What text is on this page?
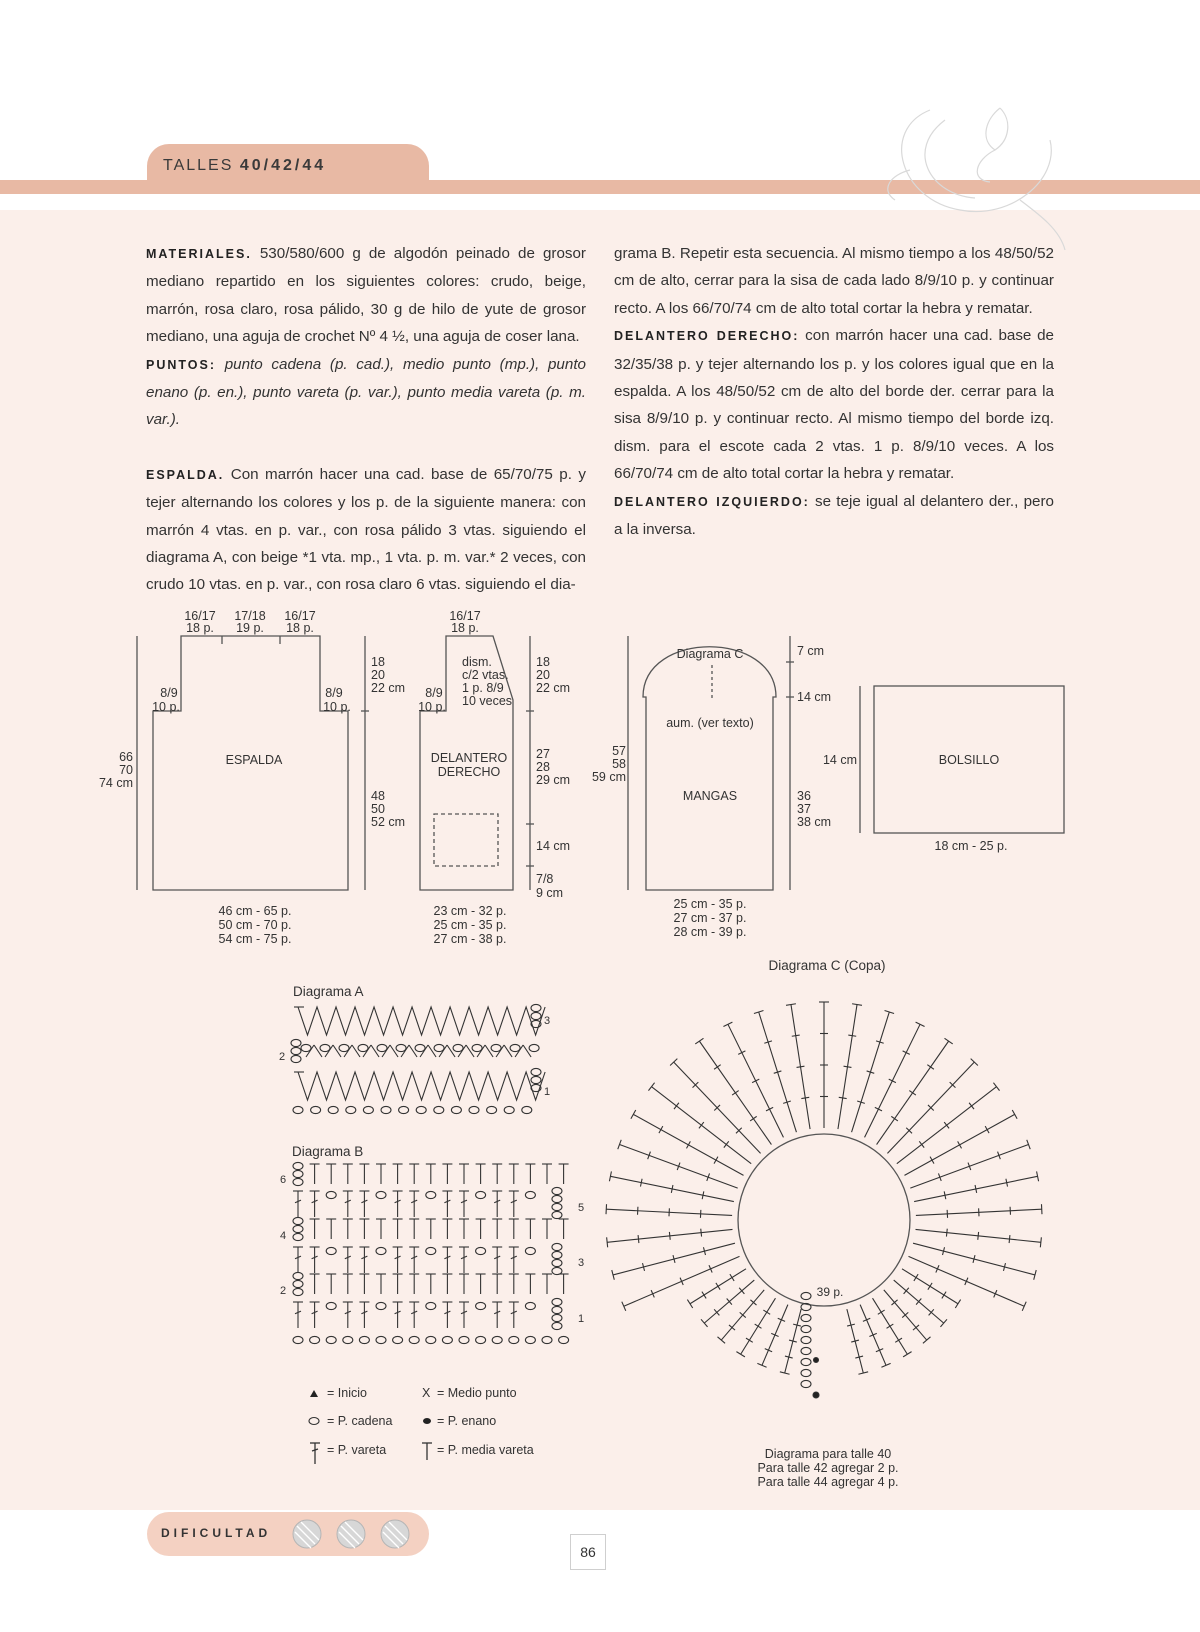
TALLES 40/42/44

MATERIALES. 530/580/600 g de algodón peinado de grosor mediano repartido en los siguientes colores: crudo, beige, marrón, rosa claro, rosa pálido, 30 g de hilo de yute de grosor mediano, una aguja de crochet Nº 4 ½, una aguja de coser lana.

PUNTOS: punto cadena (p. cad.), medio punto (mp.), punto enano (p. en.), punto vareta (p. var.), punto media vareta (p. m. var.).

ESPALDA. Con marrón hacer una cad. base de 65/70/75 p. y tejer alternando los colores y los p. de la siguiente manera: con marrón 4 vtas. en p. var., con rosa pálido 3 vtas. siguiendo el diagrama A, con beige *1 vta. mp., 1 vta. p. m. var.* 2 veces, con crudo 10 vtas. en p. var., con rosa claro 6 vtas. siguiendo el dia-

grama B. Repetir esta secuencia. Al mismo tiempo a los 48/50/52 cm de alto, cerrar para la sisa de cada lado 8/9/10 p. y continuar recto. A los 66/70/74 cm de alto total cortar la hebra y rematar.

DELANTERO DERECHO: con marrón hacer una cad. base de 32/35/38 p. y tejer alternando los p. y los colores igual que en la espalda. A los 48/50/52 cm de alto del borde der. cerrar para la sisa 8/9/10 p. y continuar recto. Al mismo tiempo del borde izq. dism. para el escote cada 2 vtas. 1 p. 8/9/10 veces. A los 66/70/74 cm de alto total cortar la hebra y rematar.

DELANTERO IZQUIERDO: se teje igual al delantero der., pero a la inversa.

16/17
18 p.
17/18
19 p.
16/17
18 p.
8/9
10 p.
8/9
10 p.
66
70
74 cm
ESPALDA
18
20
22 cm
48
50
52 cm
46 cm - 65 p.
50 cm - 70 p.
54 cm - 75 p.
16/17
18 p.
dism.
c/2 vtas.
1 p. 8/9
10 veces
8/9
10 p.
DELANTERO
DERECHO
18
20
22 cm
27
28
29 cm
14 cm
7/8
9 cm
23 cm - 32 p.
25 cm - 35 p.
27 cm - 38 p.
Diagrama C
aum. (ver texto)
MANGAS
57
58
59 cm
7 cm
14 cm
36
37
38 cm
25 cm - 35 p.
27 cm - 37 p.
28 cm - 39 p.
BOLSILLO
14 cm
18 cm - 25 p.
Diagrama A
Diagrama B
Diagrama C (Copa)
39 p.
Diagrama para talle 40
Para talle 42 agregar 2 p.
Para talle 44 agregar 4 p.
1
2
3
1
2
3
4
5
6
= Inicio
= P. cadena
= P. vareta
X = Medio punto
= P. enano
= P. media vareta
DIFICULTAD
86
